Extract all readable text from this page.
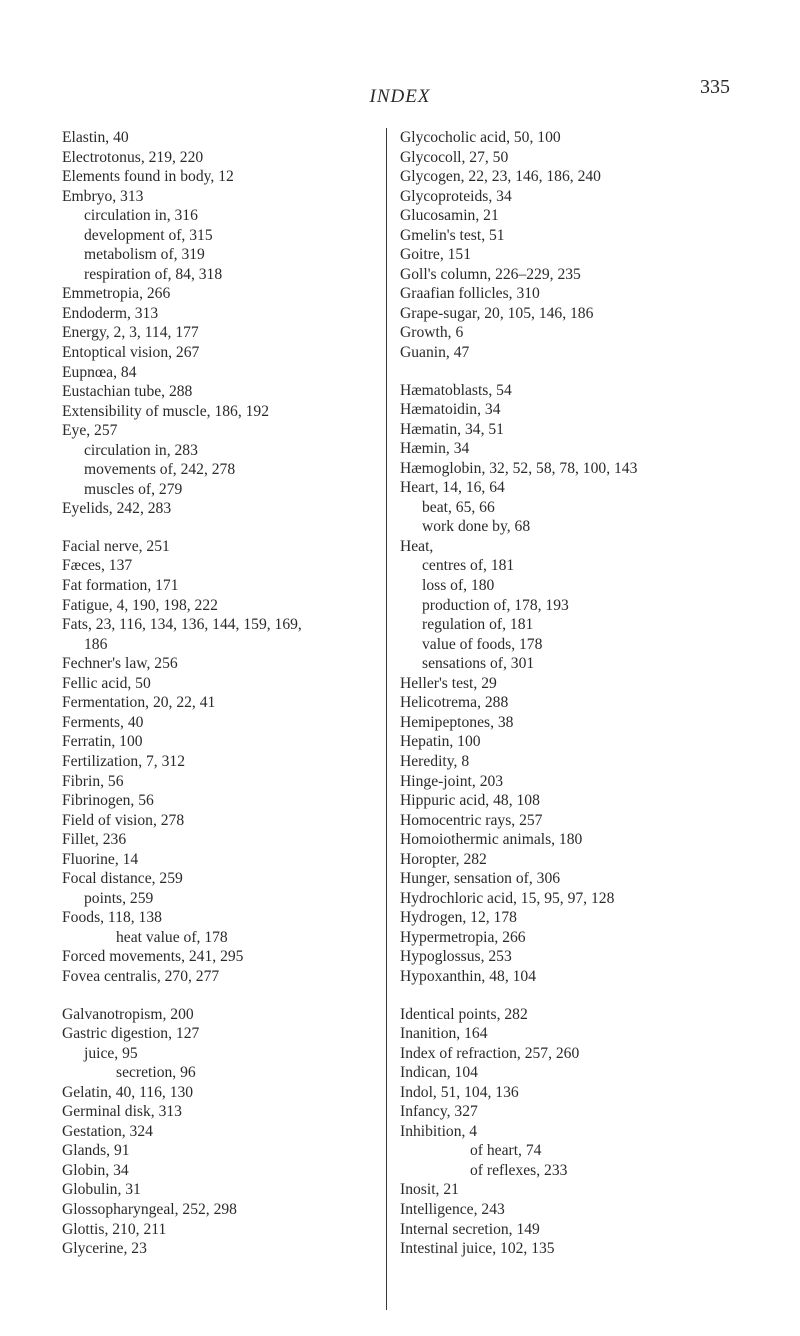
INDEX	335
Elastin, 40
Electrotonus, 219, 220
Elements found in body, 12
Embryo, 313
circulation in, 316
development of, 315
metabolism of, 319
respiration of, 84, 318
Emmetropia, 266
Endoderm, 313
Energy, 2, 3, 114, 177
Entoptical vision, 267
Eupnœa, 84
Eustachian tube, 288
Extensibility of muscle, 186, 192
Eye, 257
circulation in, 283
movements of, 242, 278
muscles of, 279
Eyelids, 242, 283
Facial nerve, 251
Fæces, 137
Fat formation, 171
Fatigue, 4, 190, 198, 222
Fats, 23, 116, 134, 136, 144, 159, 169,
186
Fechner's law, 256
Fellic acid, 50
Fermentation, 20, 22, 41
Ferments, 40
Ferratin, 100
Fertilization, 7, 312
Fibrin, 56
Fibrinogen, 56
Field of vision, 278
Fillet, 236
Fluorine, 14
Focal distance, 259
points, 259
Foods, 118, 138
heat value of, 178
Forced movements, 241, 295
Fovea centralis, 270, 277
Galvanotropism, 200
Gastric digestion, 127
juice, 95
secretion, 96
Gelatin, 40, 116, 130
Germinal disk, 313
Gestation, 324
Glands, 91
Globin, 34
Globulin, 31
Glossopharyngeal, 252, 298
Glottis, 210, 211
Glycerine, 23
Glycocholic acid, 50, 100
Glycocoll, 27, 50
Glycogen, 22, 23, 146, 186, 240
Glycoproteids, 34
Glucosamin, 21
Gmelin's test, 51
Goitre, 151
Goll's column, 226–229, 235
Graafian follicles, 310
Grape-sugar, 20, 105, 146, 186
Growth, 6
Guanin, 47
Hæmatoblasts, 54
Hæmatoidin, 34
Hæmatin, 34, 51
Hæmin, 34
Hæmoglobin, 32, 52, 58, 78, 100, 143
Heart, 14, 16, 64
beat, 65, 66
work done by, 68
Heat,
centres of, 181
loss of, 180
production of, 178, 193
regulation of, 181
value of foods, 178
sensations of, 301
Heller's test, 29
Helicotrema, 288
Hemipeptones, 38
Hepatin, 100
Heredity, 8
Hinge-joint, 203
Hippuric acid, 48, 108
Homocentric rays, 257
Homoiothermic animals, 180
Horopter, 282
Hunger, sensation of, 306
Hydrochloric acid, 15, 95, 97, 128
Hydrogen, 12, 178
Hypermetropia, 266
Hypoglossus, 253
Hypoxanthin, 48, 104
Identical points, 282
Inanition, 164
Index of refraction, 257, 260
Indican, 104
Indol, 51, 104, 136
Infancy, 327
Inhibition, 4
of heart, 74
of reflexes, 233
Inosit, 21
Intelligence, 243
Internal secretion, 149
Intestinal juice, 102, 135
